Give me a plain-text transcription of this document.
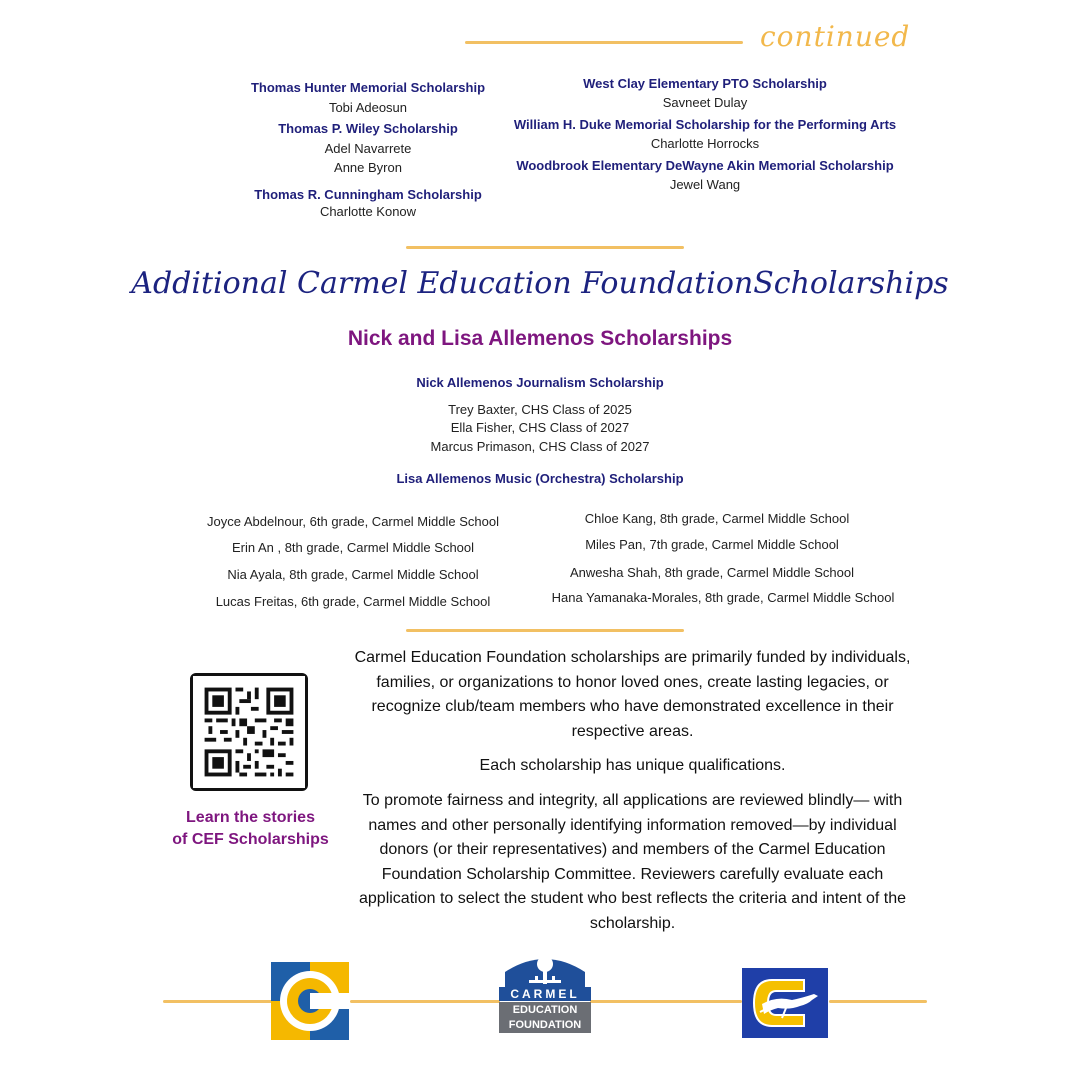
continued
Thomas Hunter Memorial Scholarship
Tobi Adeosun
Thomas P. Wiley Scholarship
Adel Navarrete
Anne Byron
Thomas R. Cunningham Scholarship
Charlotte Konow
West Clay Elementary PTO Scholarship
Savneet Dulay
William H. Duke Memorial Scholarship for the Performing Arts
Charlotte Horrocks
Woodbrook Elementary DeWayne Akin Memorial Scholarship
Jewel Wang
Additional Carmel Education FoundationScholarships
Nick and Lisa Allemenos Scholarships
Nick Allemenos Journalism Scholarship
Trey Baxter, CHS Class of 2025
Ella Fisher, CHS Class of 2027
Marcus Primason, CHS Class of 2027
Lisa Allemenos Music (Orchestra) Scholarship
Joyce Abdelnour, 6th grade, Carmel Middle School
Erin An , 8th grade, Carmel Middle School
Nia Ayala, 8th grade, Carmel Middle School
Lucas Freitas, 6th grade, Carmel Middle School
Chloe Kang, 8th grade, Carmel Middle School
Miles Pan, 7th grade, Carmel Middle School
Anwesha Shah, 8th grade, Carmel Middle School
Hana Yamanaka-Morales, 8th grade, Carmel Middle School
Learn the stories
of CEF Scholarships
Carmel Education Foundation scholarships are primarily funded by individuals, families, or organizations to honor loved ones, create lasting legacies, or recognize club/team members who have demonstrated excellence in their respective areas.
Each scholarship has unique qualifications.
To promote fairness and integrity, all applications are reviewed blindly— with names and other personally identifying information removed—by individual donors (or their representatives) and members of the Carmel Education Foundation Scholarship Committee. Reviewers carefully evaluate each application to select the student who best reflects the criteria and intent of the scholarship.
CARMEL
EDUCATION
FOUNDATION
